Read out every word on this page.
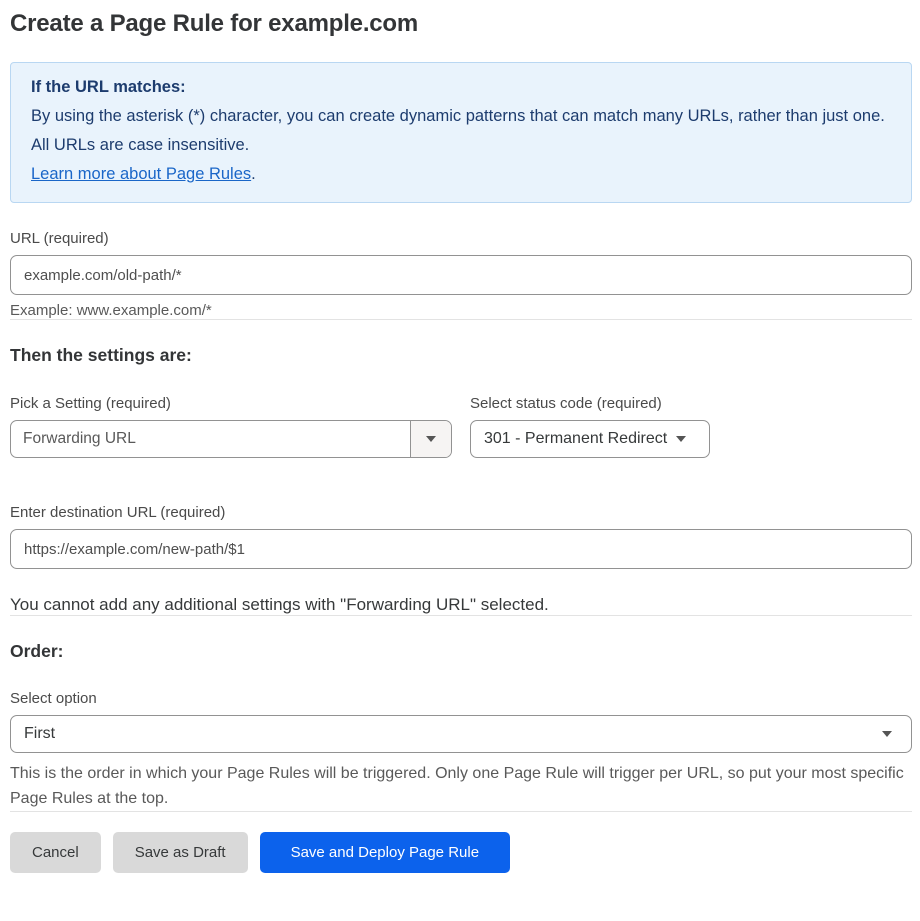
Create a Page Rule for example.com
If the URL matches:
By using the asterisk (*) character, you can create dynamic patterns that can match many URLs, rather than just one. All URLs are case insensitive.
Learn more about Page Rules.
URL (required)
example.com/old-path/*
Example: www.example.com/*
Then the settings are:
Pick a Setting (required)
Forwarding URL
Select status code (required)
301 - Permanent Redirect
Enter destination URL (required)
https://example.com/new-path/$1

You cannot add any additional settings with "Forwarding URL" selected.

Order:
Select option
First

This is the order in which your Page Rules will be triggered. Only one Page Rule will trigger per URL, so put your most specific Page Rules at the top.

Cancel	Save as Draft	Save and Deploy Page Rule
